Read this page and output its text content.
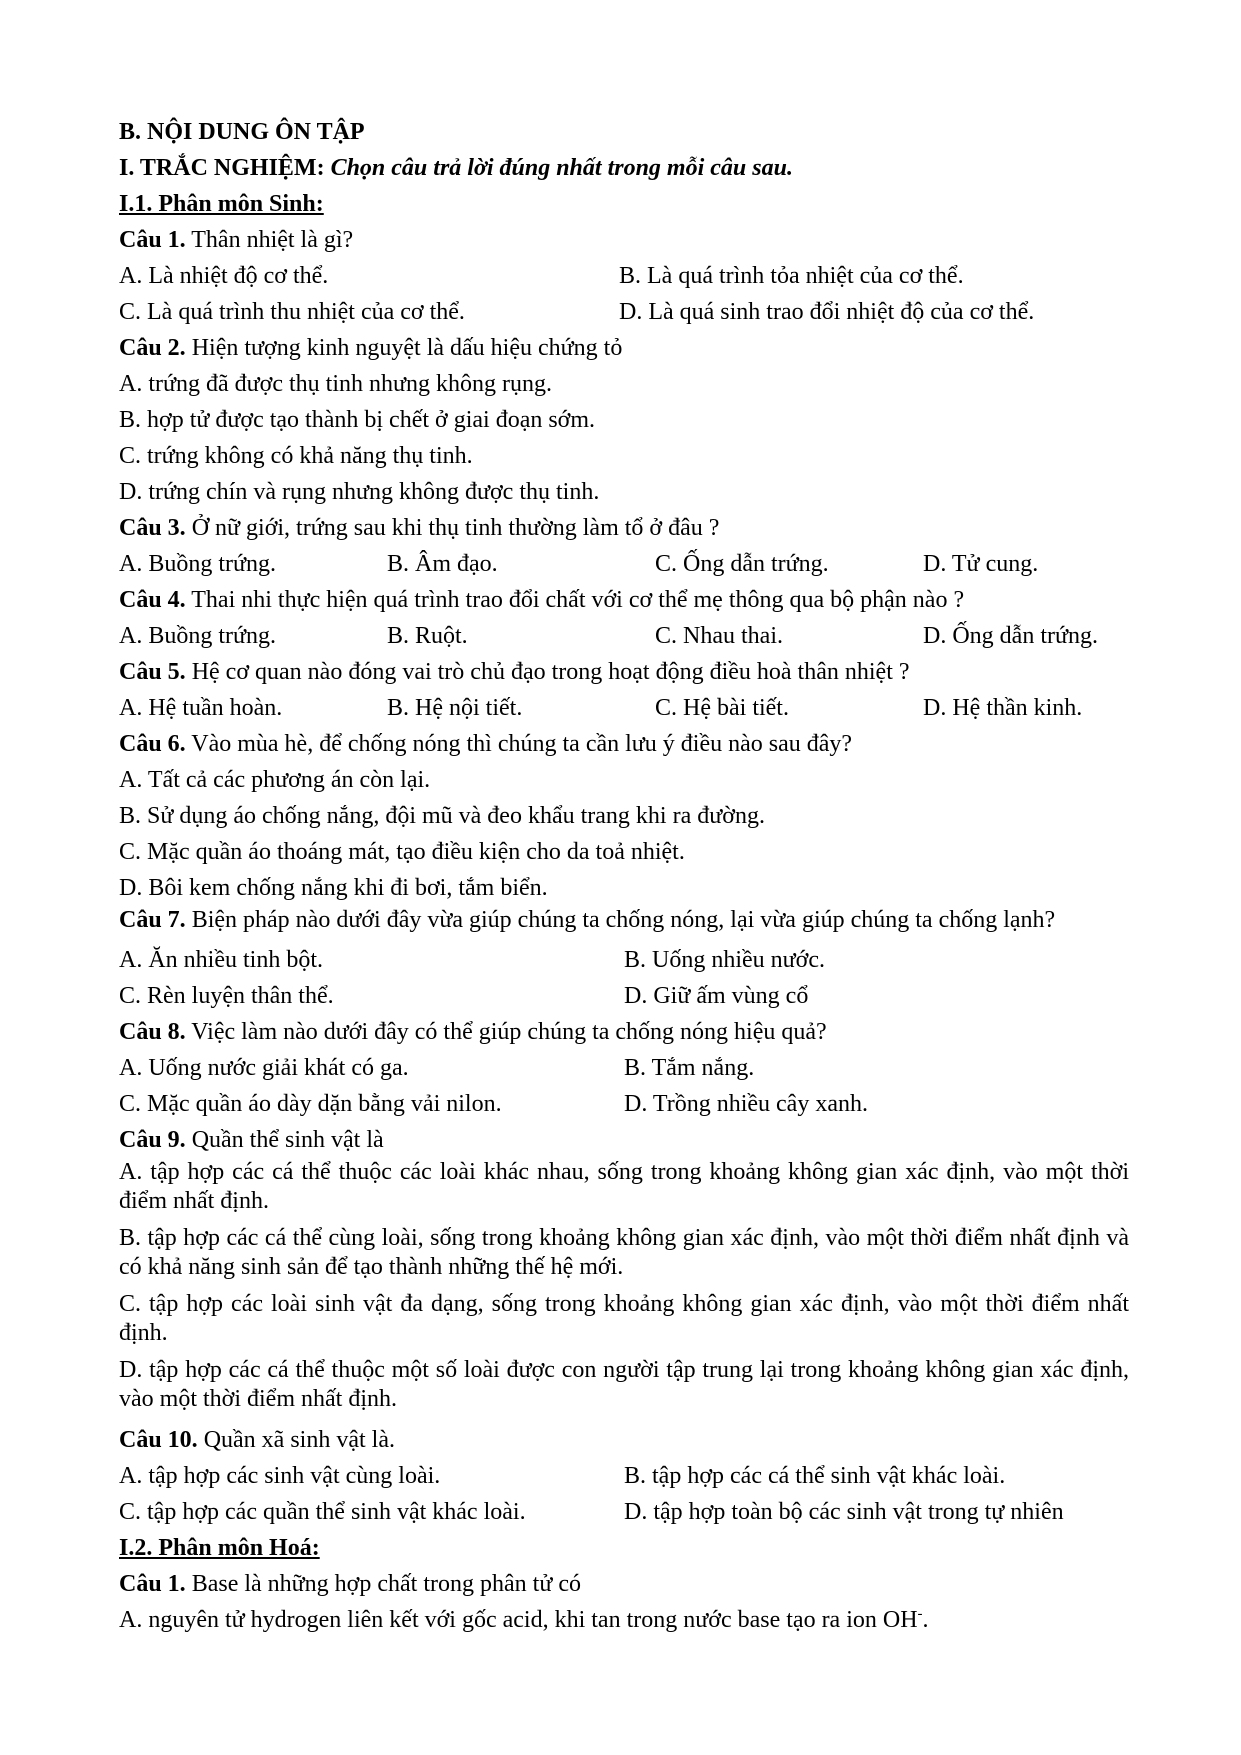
B. NỘI DUNG ÔN TẬP
I. TRẮC NGHIỆM: Chọn câu trả lời đúng nhất trong mỗi câu sau.
I.1. Phân môn Sinh:
Câu 1. Thân nhiệt là gì?
A. Là nhiệt độ cơ thể.	B. Là quá trình tỏa nhiệt của cơ thể.
C. Là quá trình thu nhiệt của cơ thể.	D. Là quá sinh trao đổi nhiệt độ của cơ thể.
Câu 2. Hiện tượng kinh nguyệt là dấu hiệu chứng tỏ
A. trứng đã được thụ tinh nhưng không rụng.
B. hợp tử được tạo thành bị chết ở giai đoạn sớm.
C. trứng không có khả năng thụ tinh.
D. trứng chín và rụng nhưng không được thụ tinh.
Câu 3. Ở nữ giới, trứng sau khi thụ tinh thường làm tổ ở đâu ?
A. Buồng trứng.	B. Âm đạo.	C. Ống dẫn trứng.	D. Tử cung.
Câu 4. Thai nhi thực hiện quá trình trao đổi chất với cơ thể mẹ thông qua bộ phận nào ?
A. Buồng trứng.	B. Ruột.	C. Nhau thai.	D. Ống dẫn trứng.
Câu 5. Hệ cơ quan nào đóng vai trò chủ đạo trong hoạt động điều hoà thân nhiệt ?
A. Hệ tuần hoàn.	B. Hệ nội tiết.	C. Hệ bài tiết.	D. Hệ thần kinh.
Câu 6. Vào mùa hè, để chống nóng thì chúng ta cần lưu ý điều nào sau đây?
A. Tất cả các phương án còn lại.
B. Sử dụng áo chống nắng, đội mũ và đeo khẩu trang khi ra đường.
C. Mặc quần áo thoáng mát, tạo điều kiện cho da toả nhiệt.
D. Bôi kem chống nắng khi đi bơi, tắm biển.
Câu 7. Biện pháp nào dưới đây vừa giúp chúng ta chống nóng, lại vừa giúp chúng ta chống lạnh?
A. Ăn nhiều tinh bột.	B. Uống nhiều nước.
C. Rèn luyện thân thể.	D. Giữ ấm vùng cổ
Câu 8. Việc làm nào dưới đây có thể giúp chúng ta chống nóng hiệu quả?
A. Uống nước giải khát có ga.	B. Tắm nắng.
C. Mặc quần áo dày dặn bằng vải nilon.	D. Trồng nhiều cây xanh.
Câu 9. Quần thể sinh vật là
A. tập hợp các cá thể thuộc các loài khác nhau, sống trong khoảng không gian xác định, vào một thời điểm nhất định.
B. tập hợp các cá thể cùng loài, sống trong khoảng không gian xác định, vào một thời điểm nhất định và có khả năng sinh sản để tạo thành những thế hệ mới.
C. tập hợp các loài sinh vật đa dạng, sống trong khoảng không gian xác định, vào một thời điểm nhất định.
D. tập hợp các cá thể thuộc một số loài được con người tập trung lại trong khoảng không gian xác định, vào một thời điểm nhất định.
Câu 10. Quần xã sinh vật là.
A. tập hợp các sinh vật cùng loài.	B. tập hợp các cá thể sinh vật khác loài.
C. tập hợp các quần thể sinh vật khác loài.	D. tập hợp toàn bộ các sinh vật trong tự nhiên
I.2. Phân môn Hoá:
Câu 1. Base là những hợp chất trong phân tử có
A. nguyên tử hydrogen liên kết với gốc acid, khi tan trong nước base tạo ra ion OH-.
